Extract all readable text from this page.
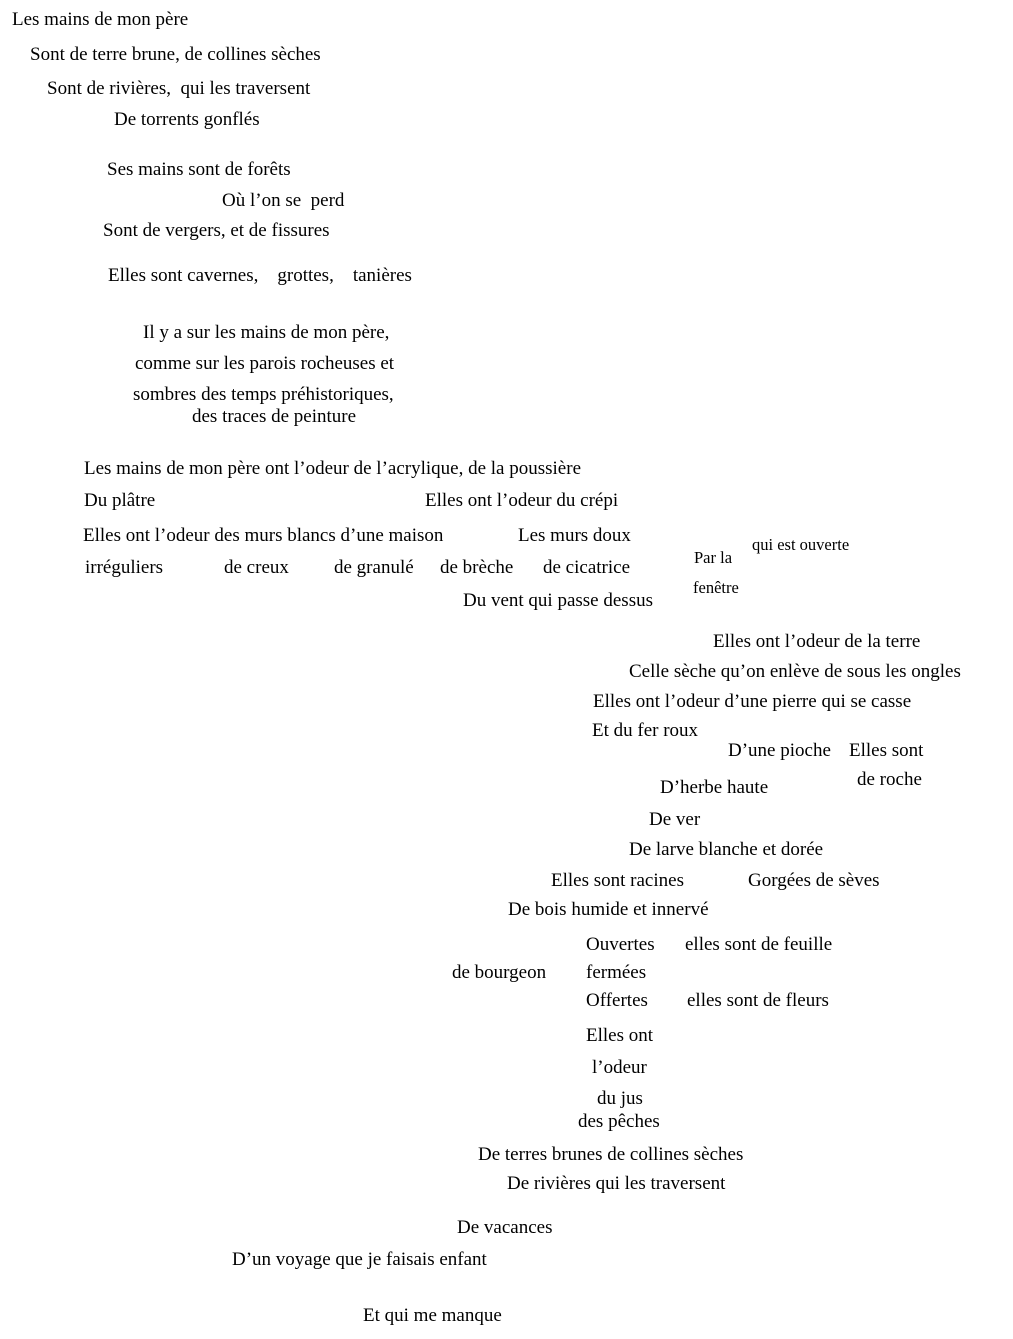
Les mains de mon père
Sont de terre brune, de collines sèches
Sont de rivières,  qui les traversent
De torrents gonflés
Ses mains sont de forêts
Où l’on se  perd
Sont de vergers, et de fissures
Elles sont cavernes,    grottes,    tanières
Il y a sur les mains de mon père,
comme sur les parois rocheuses et
sombres des temps préhistoriques,
des traces de peinture
Les mains de mon père ont l’odeur de l’acrylique, de la poussière
Du plâtre	Elles ont l’odeur du crépi
Elles ont l’odeur des murs blancs d’une maison	Les murs doux
irréguliers	de creux de granulé de brèche de cicatrice
qui est ouverte
Par la
fenêtre
Du vent qui passe dessus
Elles ont l’odeur de la terre
Celle sèche qu’on enlève de sous les ongles
Elles ont l’odeur d’une pierre qui se casse
Et du fer roux
D’une pioche Elles sont
de roche
D’herbe haute
De ver
De larve blanche et dorée
Elles sont racines	Gorgées de sèves
De bois humide et innervé
Ouvertes elles sont de feuille
de bourgeon fermées
Offertes elles sont de fleurs
Elles ont
l’odeur
du jus
des pêches
De terres brunes de collines sèches
De rivières qui les traversent
De vacances
D’un voyage que je faisais enfant
Et qui me manque
